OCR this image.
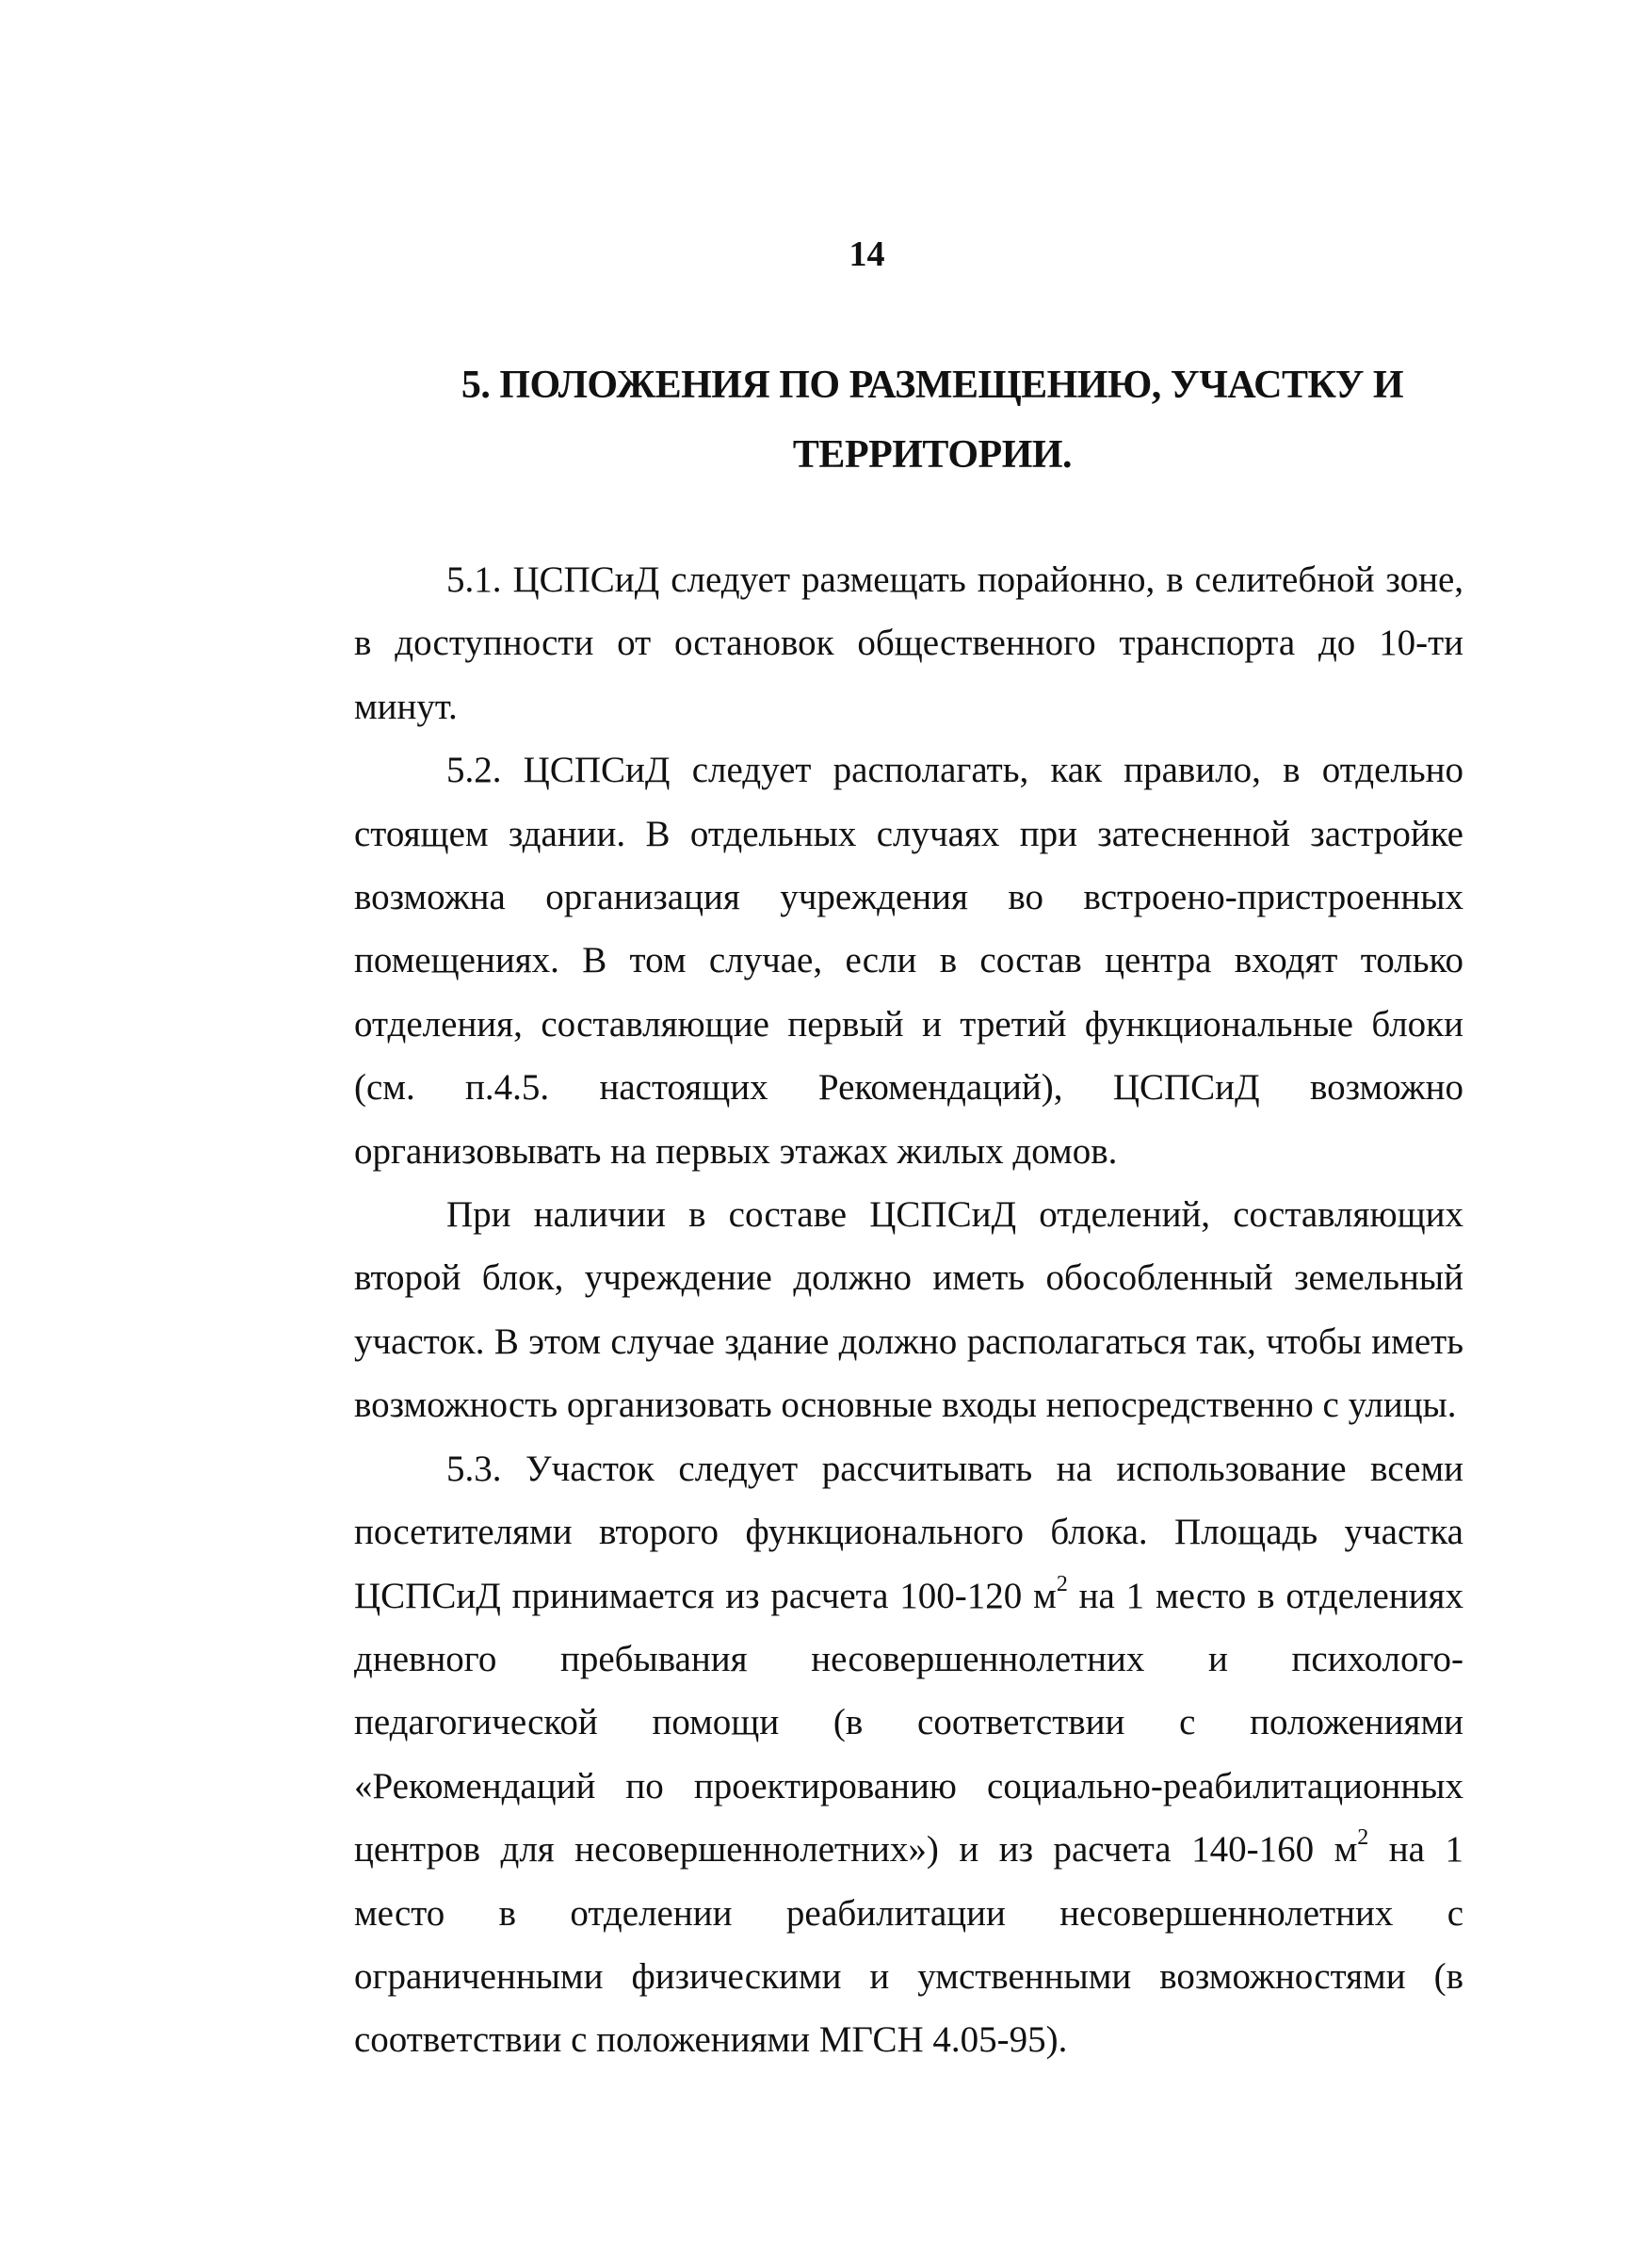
14
5. ПОЛОЖЕНИЯ ПО РАЗМЕЩЕНИЮ, УЧАСТКУ И
ТЕРРИТОРИИ.

5.1. ЦСПСиД следует размещать порайонно, в селитебной зоне, в доступности от остановок общественного транспорта до 10-ти минут.

5.2. ЦСПСиД следует располагать, как правило, в отдельно стоящем здании. В отдельных случаях при затесненной застройке возможна организация учреждения во встроено-пристроенных помещениях. В том случае, если в состав центра входят только отделения, составляющие первый и третий функциональные блоки (см. п.4.5. настоящих Рекомендаций), ЦСПСиД возможно организовывать на первых этажах жилых домов.

При наличии в составе ЦСПСиД отделений, составляющих второй блок, учреждение должно иметь обособленный земельный участок. В этом случае здание должно располагаться так, чтобы иметь возможность организовать основные входы непосредственно с улицы.

5.3. Участок следует рассчитывать на использование всеми посетителями второго функционального блока. Площадь участка ЦСПСиД принимается из расчета 100-120 $м^2$ на 1 место в отделениях дневного пребывания несовершеннолетних и психолого-педагогической помощи (в соответствии с положениями «Рекомендаций по проектированию социально-реабилитационных центров для несовершеннолетних») и из расчета 140-160 $м^2$ на 1 место в отделении реабилитации несовершеннолетних с ограниченными физическими и умственными возможностями (в соответствии с положениями МГСН 4.05-95).
